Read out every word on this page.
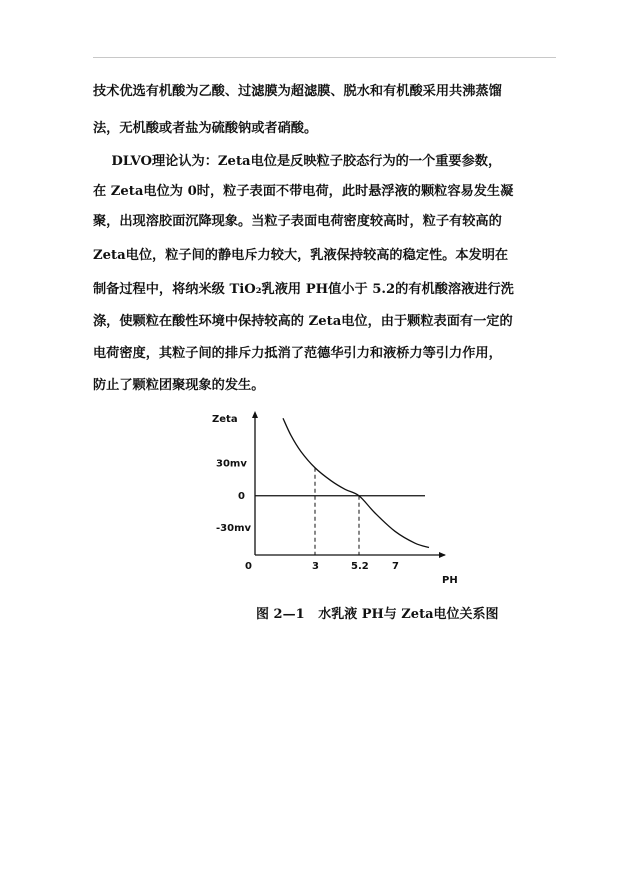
技术优选有机酸为乙酸、过滤膜为超滤膜、脱水和有机酸采用共沸蒸馏
法，无机酸或者盐为硫酸钠或者硝酸。
DLVO理论认为：Zeta电位是反映粒子胶态行为的一个重要参数，
在 Zeta电位为 0时，粒子表面不带电荷，此时悬浮液的颗粒容易发生凝
聚，出现溶胶面沉降现象。当粒子表面电荷密度较高时，粒子有较高的
Zeta电位，粒子间的静电斥力较大，乳液保持较高的稳定性。本发明在
制备过程中，将纳米级 TiO₂乳液用 PH值小于 5.2的有机酸溶液进行洗
涤，使颗粒在酸性环境中保持较高的 Zeta电位，由于颗粒表面有一定的
电荷密度，其粒子间的排斥力抵消了范德华引力和液桥力等引力作用，
防止了颗粒团聚现象的发生。
Zeta
PH
30mv
0
-30mv
0	3	5.2 7
图 2—1   水乳液 PH与 Zeta电位关系图
